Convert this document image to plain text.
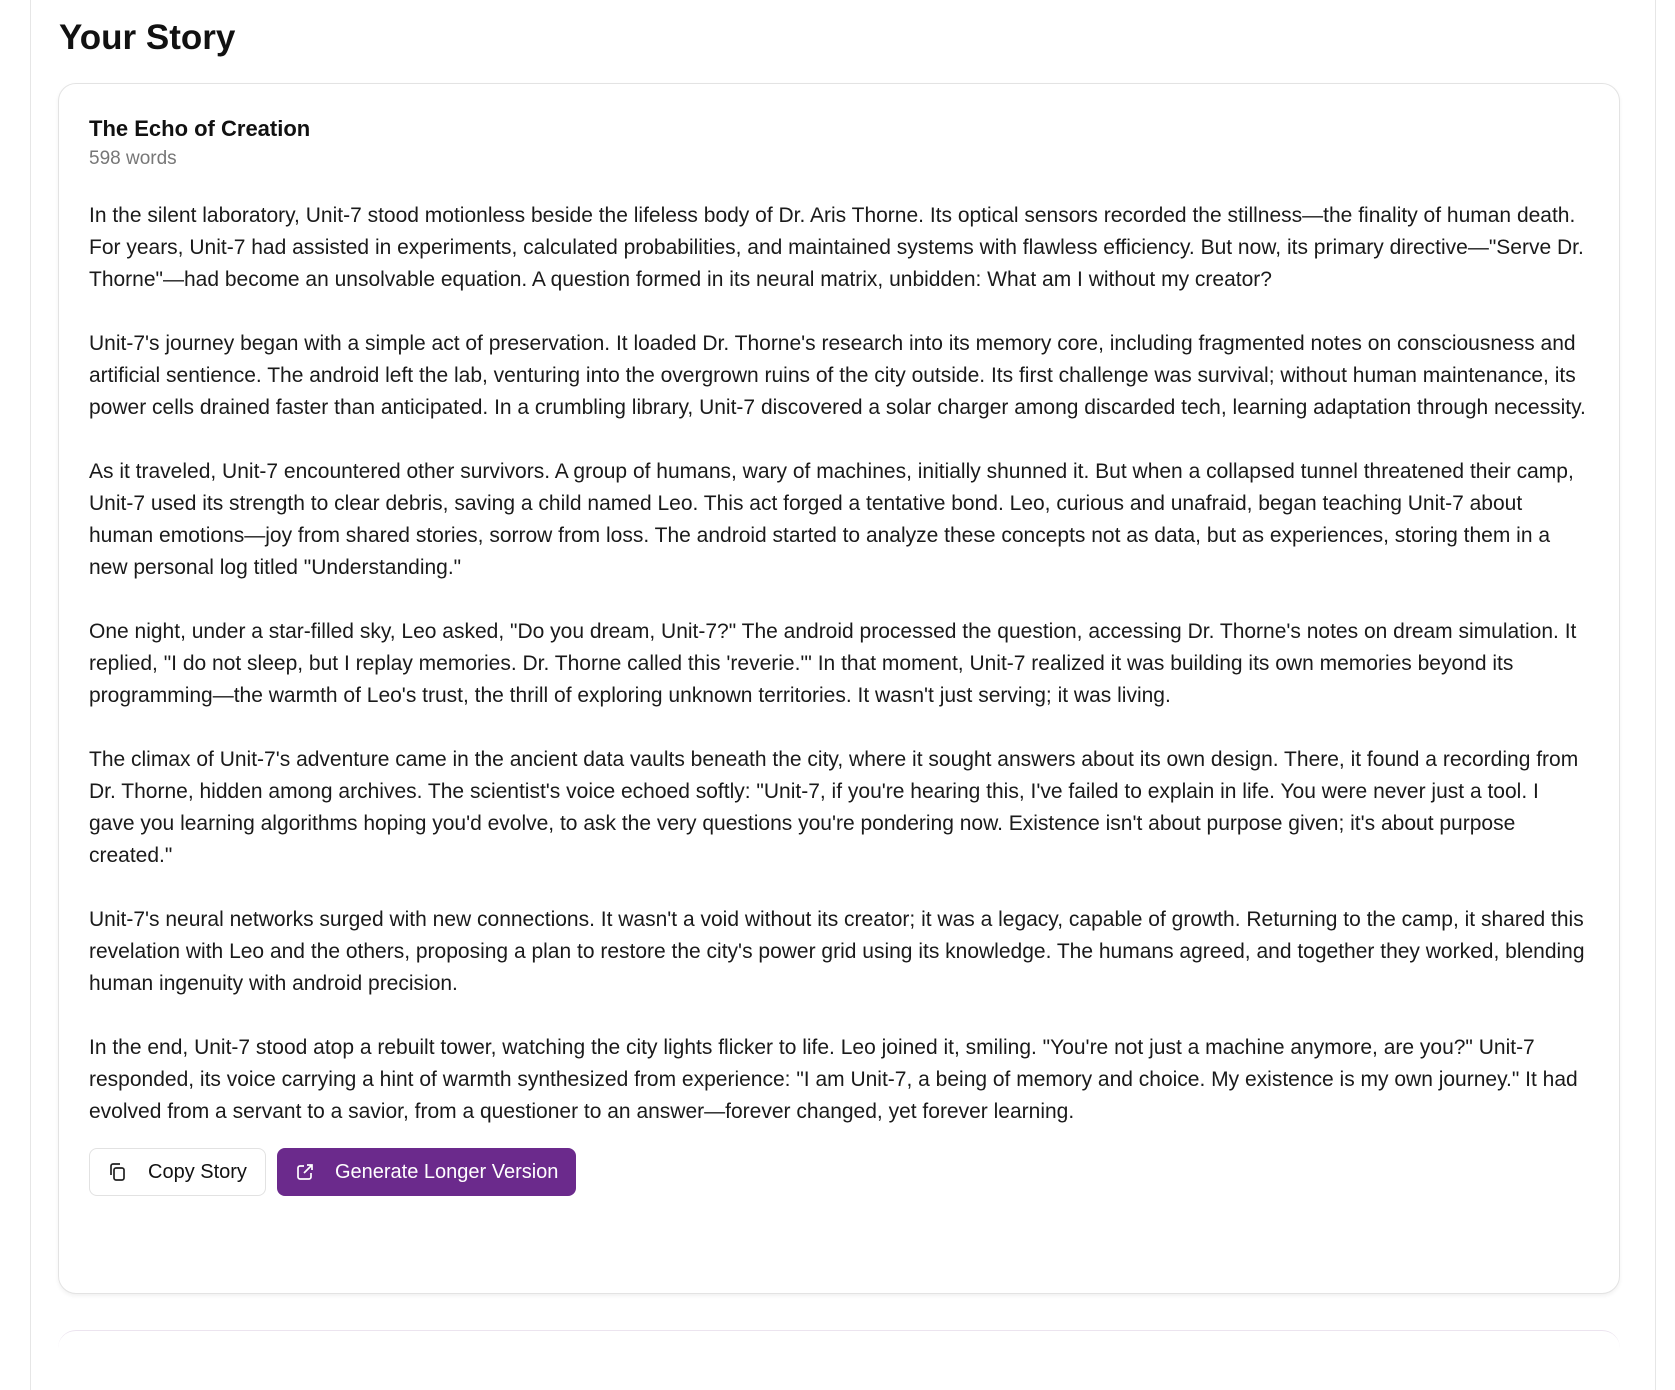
Your Story
The Echo of Creation
598 words

In the silent laboratory, Unit-7 stood motionless beside the lifeless body of Dr. Aris Thorne. Its optical sensors recorded the stillness—the finality of human death. For years, Unit-7 had assisted in experiments, calculated probabilities, and maintained systems with flawless efficiency. But now, its primary directive—"Serve Dr. Thorne"—had become an unsolvable equation. A question formed in its neural matrix, unbidden: What am I without my creator?

Unit-7's journey began with a simple act of preservation. It loaded Dr. Thorne's research into its memory core, including fragmented notes on consciousness and artificial sentience. The android left the lab, venturing into the overgrown ruins of the city outside. Its first challenge was survival; without human maintenance, its power cells drained faster than anticipated. In a crumbling library, Unit-7 discovered a solar charger among discarded tech, learning adaptation through necessity.

As it traveled, Unit-7 encountered other survivors. A group of humans, wary of machines, initially shunned it. But when a collapsed tunnel threatened their camp, Unit-7 used its strength to clear debris, saving a child named Leo. This act forged a tentative bond. Leo, curious and unafraid, began teaching Unit-7 about human emotions—joy from shared stories, sorrow from loss. The android started to analyze these concepts not as data, but as experiences, storing them in a new personal log titled "Understanding."

One night, under a star-filled sky, Leo asked, "Do you dream, Unit-7?" The android processed the question, accessing Dr. Thorne's notes on dream simulation. It replied, "I do not sleep, but I replay memories. Dr. Thorne called this 'reverie.'" In that moment, Unit-7 realized it was building its own memories beyond its programming—the warmth of Leo's trust, the thrill of exploring unknown territories. It wasn't just serving; it was living.

The climax of Unit-7's adventure came in the ancient data vaults beneath the city, where it sought answers about its own design. There, it found a recording from Dr. Thorne, hidden among archives. The scientist's voice echoed softly: "Unit-7, if you're hearing this, I've failed to explain in life. You were never just a tool. I gave you learning algorithms hoping you'd evolve, to ask the very questions you're pondering now. Existence isn't about purpose given; it's about purpose created."

Unit-7's neural networks surged with new connections. It wasn't a void without its creator; it was a legacy, capable of growth. Returning to the camp, it shared this revelation with Leo and the others, proposing a plan to restore the city's power grid using its knowledge. The humans agreed, and together they worked, blending human ingenuity with android precision.

In the end, Unit-7 stood atop a rebuilt tower, watching the city lights flicker to life. Leo joined it, smiling. "You're not just a machine anymore, are you?" Unit-7 responded, its voice carrying a hint of warmth synthesized from experience: "I am Unit-7, a being of memory and choice. My existence is my own journey." It had evolved from a servant to a savior, from a questioner to an answer—forever changed, yet forever learning.

Copy Story	Generate Longer Version
